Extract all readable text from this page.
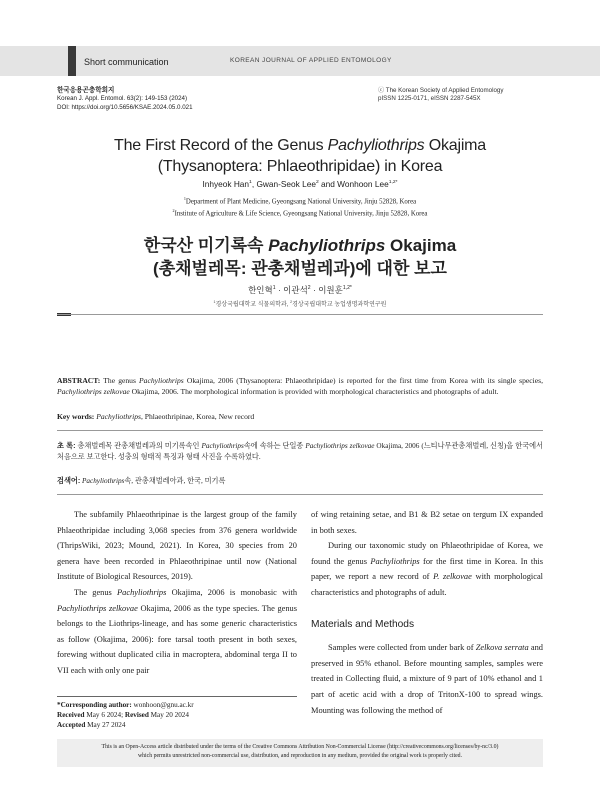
Short communication	KOREAN JOURNAL OF APPLIED ENTOMOLOGY
한국응용곤충학회지
Korean J. Appl. Entomol. 63(2): 149-153 (2024)
DOI: https://doi.org/10.5656/KSAE.2024.05.0.021
ⓒ The Korean Society of Applied Entomology
pISSN 1225-0171, eISSN 2287-545X
The First Record of the Genus Pachyliothrips Okajima
(Thysanoptera: Phlaeothripidae) in Korea
Inhyeok Han$^1$, Gwan-Seok Lee$^2$ and Wonhoon Lee$^{1,2*}$
$^1$Department of Plant Medicine, Gyeongsang National University, Jinju 52828, Korea
$^2$Institute of Agriculture & Life Science, Gyeongsang National University, Jinju 52828, Korea
한국산 미기록속 Pachyliothrips Okajima
(총채벌레목: 관총채벌레과)에 대한 보고
한인혁$^1$ · 이관석$^2$ · 이원훈$^{1,2*}$
$^1$경상국립대학교 식물의학과, $^2$경상국립대학교 농업생명과학연구원
ABSTRACT: The genus Pachyliothrips Okajima, 2006 (Thysanoptera: Phlaeothripidae) is reported for the first time from Korea with its single species, Pachyliothrips zelkovae Okajima, 2006. The morphological information is provided with morphological characteristics and photographs of adult.
Key words: Pachyliothrips, Phlaeothripinae, Korea, New record
초 록: 총채벌레목 관총채벌레과의 미기록속인 Pachyliothrips속에 속하는 단일종 Pachyliothrips zelkovae Okajima, 2006 (느티나무관총채벌레, 신칭)을 한국에서 처음으로 보고한다. 성충의 형태적 특징과 형태 사진을 수록하였다.
검색어: Pachyliothrips속, 관총채벌레아과, 한국, 미기록

The subfamily Phlaeothripinae is the largest group of the family Phlaeothripidae including 3,068 species from 376 genera worldwide (ThripsWiki, 2023; Mound, 2021). In Korea, 30 species from 20 genera have been recorded in Phlaeothripinae until now (National Institute of Biological Resources, 2019).

The genus Pachyliothrips Okajima, 2006 is monobasic with Pachyliothrips zelkovae Okajima, 2006 as the type species. The genus belongs to the Liothrips-lineage, and has some generic characteristics as follow (Okajima, 2006): fore tarsal tooth present in both sexes, forewing without duplicated cilia in macroptera, abdominal terga II to VII each with only one pair

of wing retaining setae, and B1 & B2 setae on tergum IX expanded in both sexes.

During our taxonomic study on Phlaeothripidae of Korea, we found the genus Pachyliothrips for the first time in Korea. In this paper, we report a new record of P. zelkovae with morphological characteristics and photographs of adult.

Materials and Methods

Samples were collected from under bark of Zelkova serrata and preserved in 95% ethanol. Before mounting samples, samples were treated in Collecting fluid, a mixture of 9 part of 10% ethanol and 1 part of acetic acid with a drop of TritonX-100 to spread wings. Mounting was following the method of

*Corresponding author: wonhoon@gnu.ac.kr
Received May 6 2024; Revised May 20 2024
Accepted May 27 2024
This is an Open-Access article distributed under the terms of the Creative Commons Attribution Non-Commercial License (http://creativecommons.org/licenses/by-nc/3.0)
which permits unrestricted non-commercial use, distribution, and reproduction in any medium, provided the original work is properly cited.
